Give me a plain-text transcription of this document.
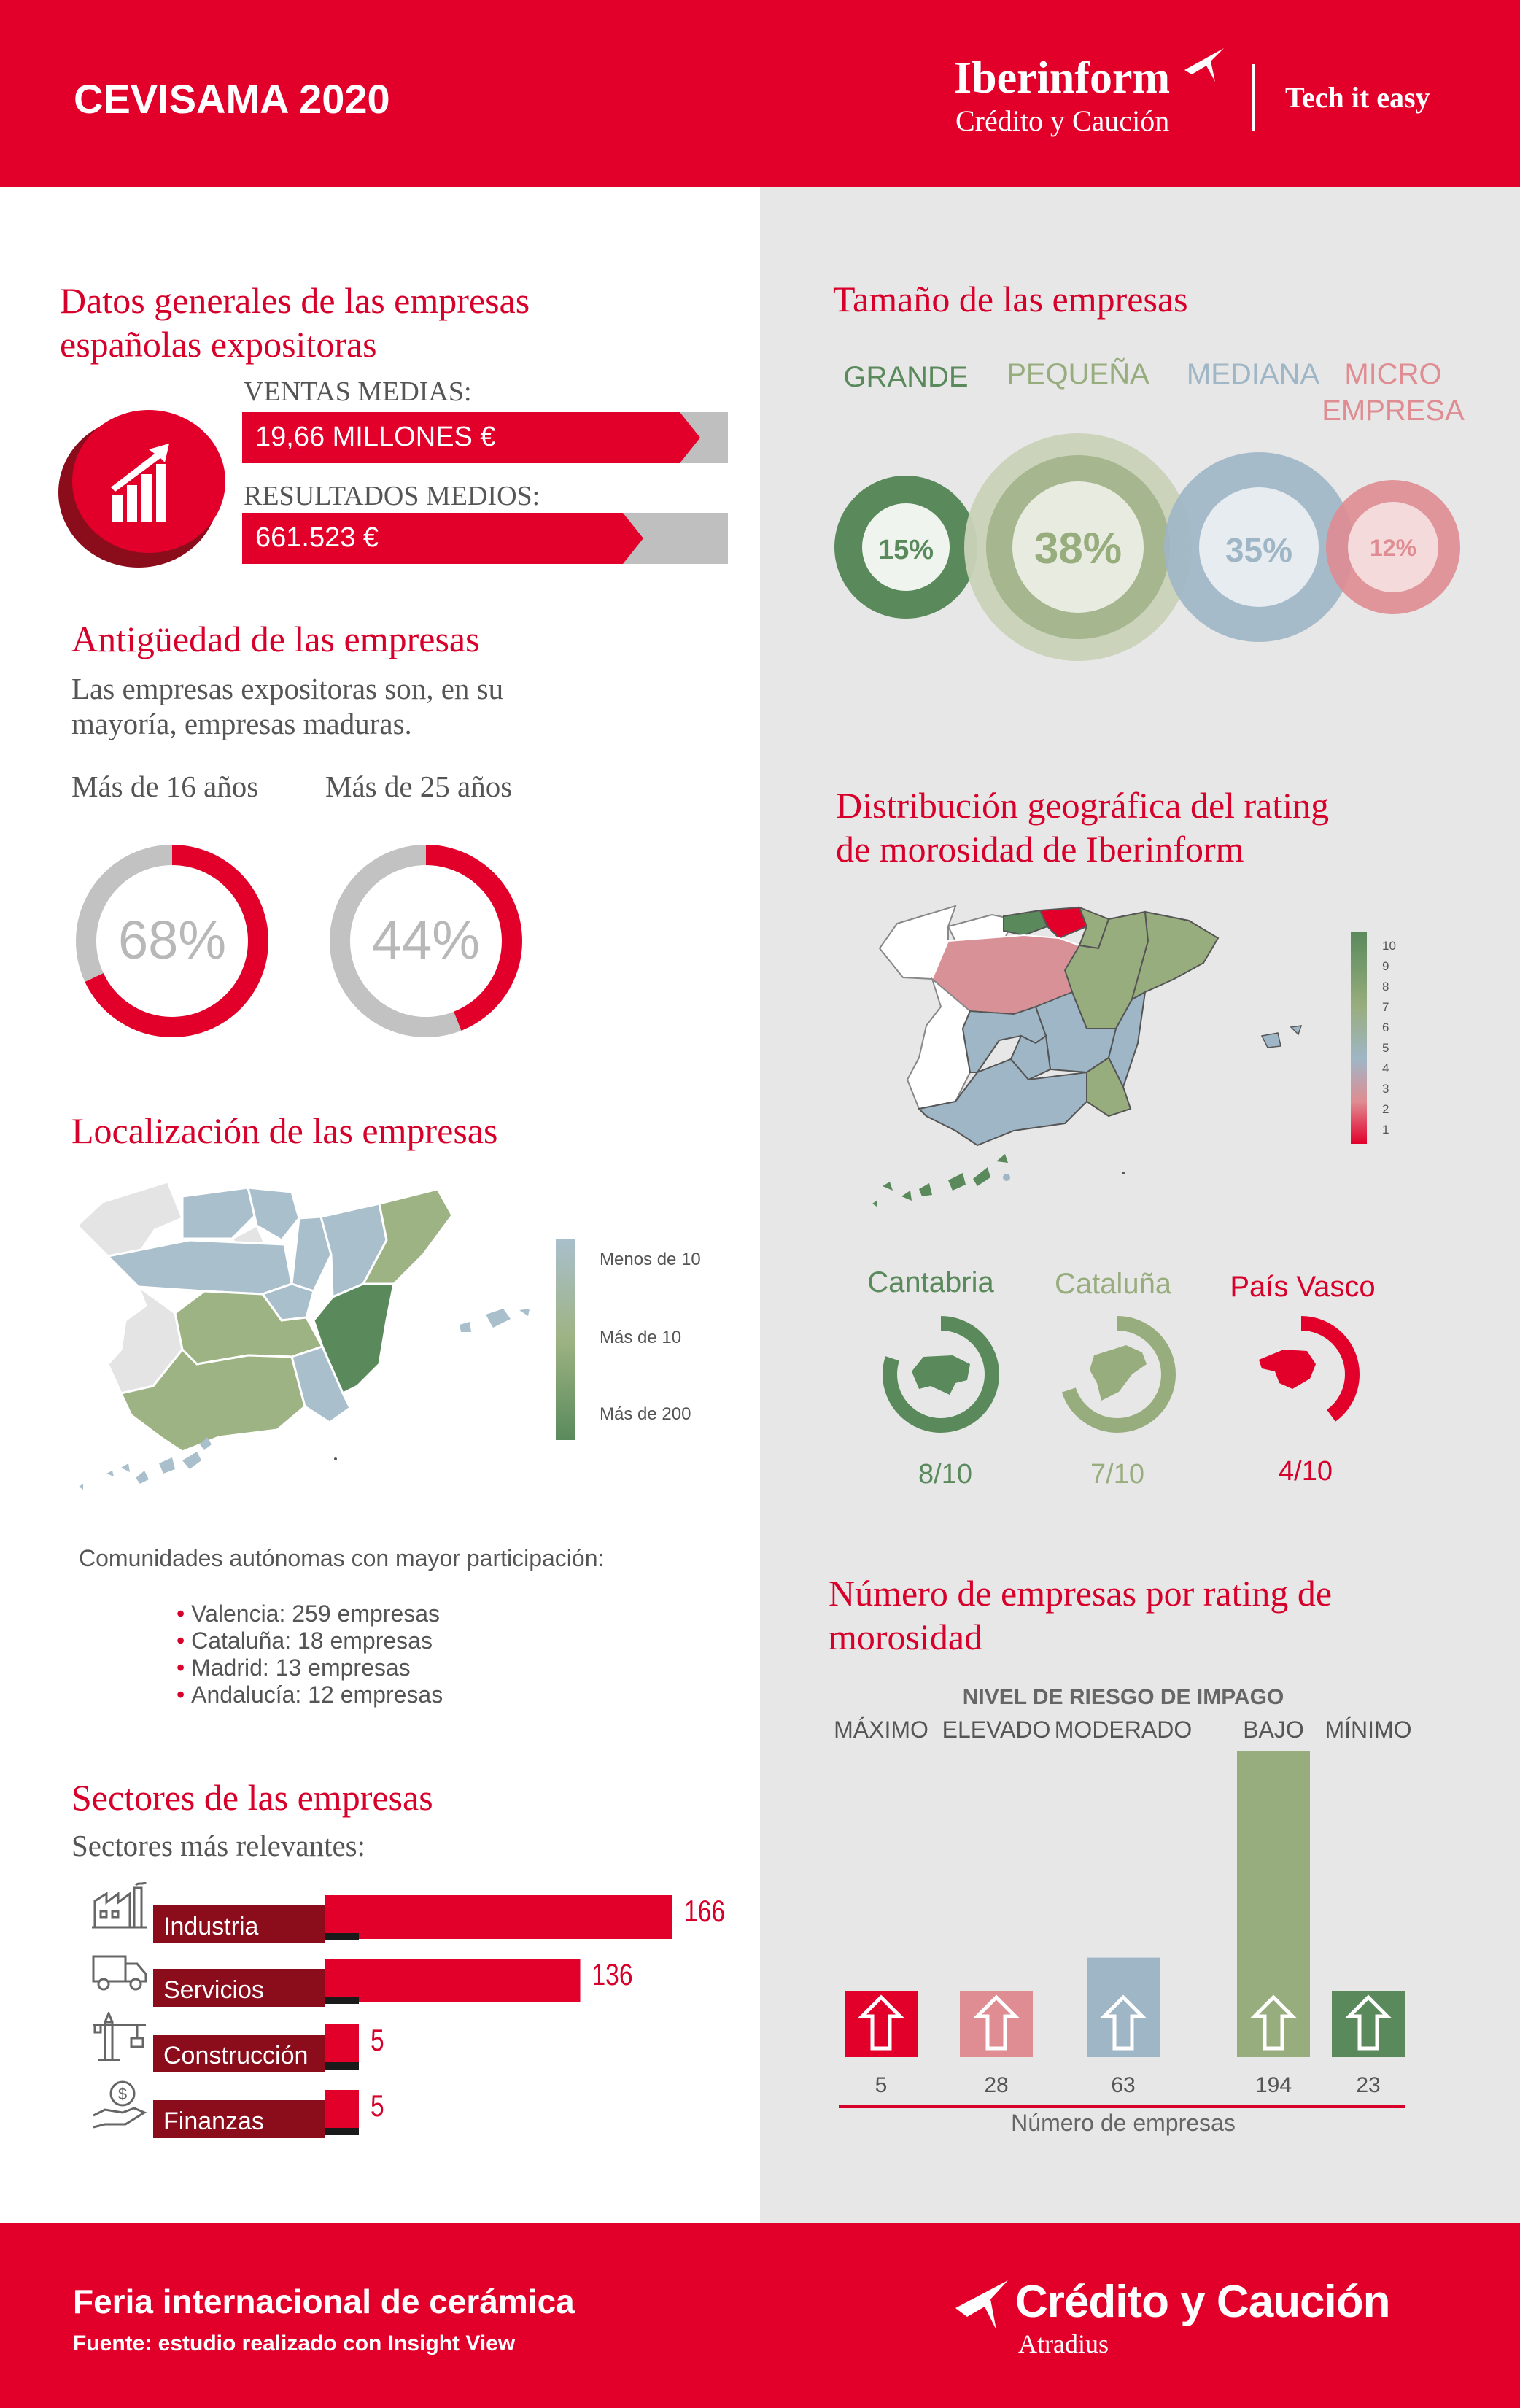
CEVISAMA 2020	Iberinform
Crédito y Caución
Tech it easy
Datos generales de las empresas
españolas expositoras
VENTAS MEDIAS:
19,66 MILLONES €
RESULTADOS MEDIOS:
661.523 €
Antigüedad de las empresas
Las empresas expositoras son, en su
mayoría, empresas maduras.
Más de 16 años Más de 25 años
68%	44%
Localización de las empresas
Menos de 10
Más de 10
Más de 200
Comunidades autónomas con mayor participación:
• Valencia: 259 empresas
• Cataluña: 18 empresas
• Madrid: 13 empresas
• Andalucía: 12 empresas
Sectores de las empresas
Sectores más relevantes:
$
Industria	166
Servicios	136
Construcción 5
Finanzas	5
Tamaño de las empresas
GRANDE PEQUEÑA MEDIANA MICRO
EMPRESA
15% 38%	35%	12%
Distribución geográfica del rating
de morosidad de Iberinform
10
9
8
7
6
5
4
3
2
1
Cantabria	Cataluña	País Vasco
8/10	7/10	4/10
Número de empresas por rating de
morosidad
NIVEL DE RIESGO DE IMPAGO
MÁXIMO
5
ELEVADO
28
MODERADO
63
BAJO
194
MÍNIMO
23
Número de empresas
Feria internacional de cerámica
Fuente: estudio realizado con Insight View
Crédito y Caución
Atradius
